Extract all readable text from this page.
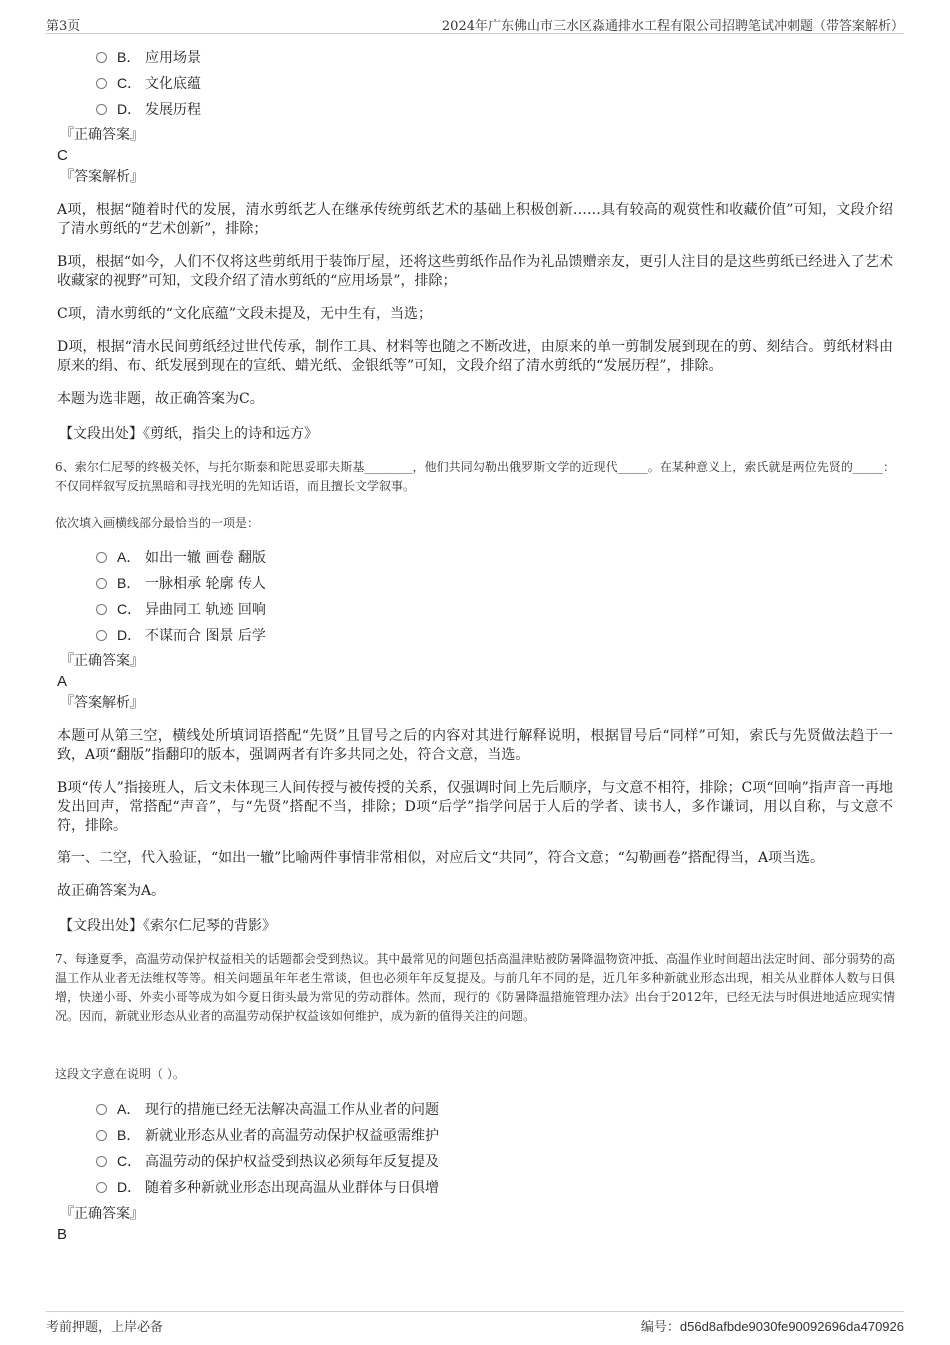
第3页	2024年广东佛山市三水区淼通排水工程有限公司招聘笔试冲刺题（带答案解析）
B． 应用场景
C． 文化底蕴
D． 发展历程
『正确答案』
C
『答案解析』
A项，根据“随着时代的发展，清水剪纸艺人在继承传统剪纸艺术的基础上积极创新……具有较高的观赏性和收藏价值”可知，文段介绍了清水剪纸的“艺术创新”，排除；
B项，根据“如今，人们不仅将这些剪纸用于装饰厅屋，还将这些剪纸作品作为礼品馈赠亲友，更引人注目的是这些剪纸已经进入了艺术收藏家的视野”可知，文段介绍了清水剪纸的“应用场景”，排除；
C项，清水剪纸的“文化底蕴”文段未提及，无中生有，当选；
D项，根据“清水民间剪纸经过世代传承，制作工具、材料等也随之不断改进，由原来的单一剪制发展到现在的剪、刻结合。剪纸材料由原来的绢、布、纸发展到现在的宣纸、蜡光纸、金银纸等”可知，文段介绍了清水剪纸的“发展历程”，排除。
本题为选非题，故正确答案为C。
【文段出处】《剪纸，指尖上的诗和远方》
6、索尔仁尼琴的终极关怀，与托尔斯泰和陀思妥耶夫斯基________，他们共同勾勒出俄罗斯文学的近现代_____。在某种意义上，索氏就是两位先贤的_____：不仅同样叙写反抗黑暗和寻找光明的先知话语，而且擅长文学叙事。
依次填入画横线部分最恰当的一项是：
A． 如出一辙 画卷 翻版
B． 一脉相承 轮廓 传人
C． 异曲同工 轨迹 回响
D． 不谋而合 图景 后学
『正确答案』
A
『答案解析』
本题可从第三空，横线处所填词语搭配“先贤”且冒号之后的内容对其进行解释说明，根据冒号后“同样”可知，索氏与先贤做法趋于一致，A项“翻版”指翻印的版本，强调两者有许多共同之处，符合文意，当选。
B项“传人”指接班人，后文未体现三人间传授与被传授的关系，仅强调时间上先后顺序，与文意不相符，排除；C项“回响”指声音一再地发出回声，常搭配“声音”，与“先贤”搭配不当，排除；D项“后学”指学问居于人后的学者、读书人，多作谦词，用以自称，与文意不符，排除。
第一、二空，代入验证，“如出一辙”比喻两件事情非常相似，对应后文“共同”，符合文意；“勾勒画卷”搭配得当，A项当选。
故正确答案为A。
【文段出处】《索尔仁尼琴的背影》
7、每逢夏季，高温劳动保护权益相关的话题都会受到热议。其中最常见的问题包括高温津贴被防暑降温物资冲抵、高温作业时间超出法定时间、部分弱势的高温工作从业者无法维权等等。相关问题虽年年老生常谈，但也必须年年反复提及。与前几年不同的是，近几年多种新就业形态出现，相关从业群体人数与日俱增，快递小哥、外卖小哥等成为如今夏日街头最为常见的劳动群体。然而，现行的《防暑降温措施管理办法》出台于2012年，已经无法与时俱进地适应现实情况。因而，新就业形态从业者的高温劳动保护权益该如何维护，成为新的值得关注的问题。
这段文字意在说明（ ）。
A． 现行的措施已经无法解决高温工作从业者的问题
B． 新就业形态从业者的高温劳动保护权益亟需维护
C． 高温劳动的保护权益受到热议必须每年反复提及
D． 随着多种新就业形态出现高温从业群体与日俱增
『正确答案』
B
考前押题，上岸必备	编号：d56d8afbde9030fe90092696da470926
